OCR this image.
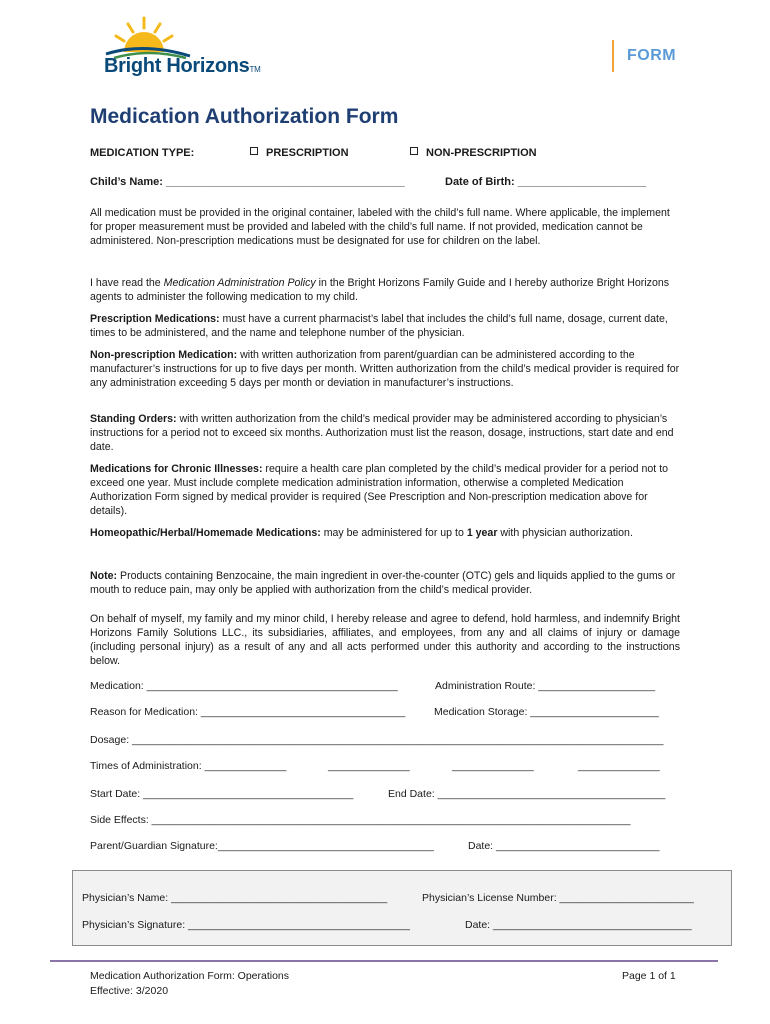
Bright HorizonsTM
FORM
Medication Authorization Form
MEDICATION TYPE:	PRESCRIPTION	NON-PRESCRIPTION
Child’s Name: _______________________________________	Date of Birth: _____________________
All medication must be provided in the original container, labeled with the child’s full name. Where applicable, the implement for proper measurement must be provided and labeled with the child’s full name. If not provided, medication cannot be administered. Non-prescription medications must be designated for use for children on the label.
I have read the Medication Administration Policy in the Bright Horizons Family Guide and I hereby authorize Bright Horizons agents to administer the following medication to my child.
Prescription Medications: must have a current pharmacist’s label that includes the child’s full name, dosage, current date, times to be administered, and the name and telephone number of the physician.
Non-prescription Medication: with written authorization from parent/guardian can be administered according to the manufacturer’s instructions for up to five days per month. Written authorization from the child’s medical provider is required for any administration exceeding 5 days per month or deviation in manufacturer’s instructions.
Standing Orders: with written authorization from the child’s medical provider may be administered according to physician’s instructions for a period not to exceed six months. Authorization must list the reason, dosage, instructions, start date and end date.
Medications for Chronic Illnesses: require a health care plan completed by the child’s medical provider for a period not to exceed one year. Must include complete medication administration information, otherwise a completed Medication Authorization Form signed by medical provider is required (See Prescription and Non-prescription medication above for details).
Homeopathic/Herbal/Homemade Medications: may be administered for up to 1 year with physician authorization.
Note: Products containing Benzocaine, the main ingredient in over-the-counter (OTC) gels and liquids applied to the gums or mouth to reduce pain, may only be applied with authorization from the child’s medical provider.
On behalf of myself, my family and my minor child, I hereby release and agree to defend, hold harmless, and indemnify Bright Horizons Family Solutions LLC., its subsidiaries, affiliates, and employees, from any and all claims of injury or damage (including personal injury) as a result of any and all acts performed under this authority and according to the instructions below.
Medication: ___________________________________________	Administration Route: ____________________
Reason for Medication: ___________________________________	Medication Storage: ______________________
Dosage: ___________________________________________________________________________________________
Times of Administration: ______________	______________	______________	______________
Start Date: ____________________________________	End Date: _______________________________________
Side Effects: __________________________________________________________________________________
Parent/Guardian Signature:_____________________________________	Date: ____________________________
Physician’s Name: _____________________________________	Physician’s License Number: _______________________
Physician’s Signature: ______________________________________	Date: __________________________________
Medication Authorization Form: Operations
Effective: 3/2020
Page 1 of 1
